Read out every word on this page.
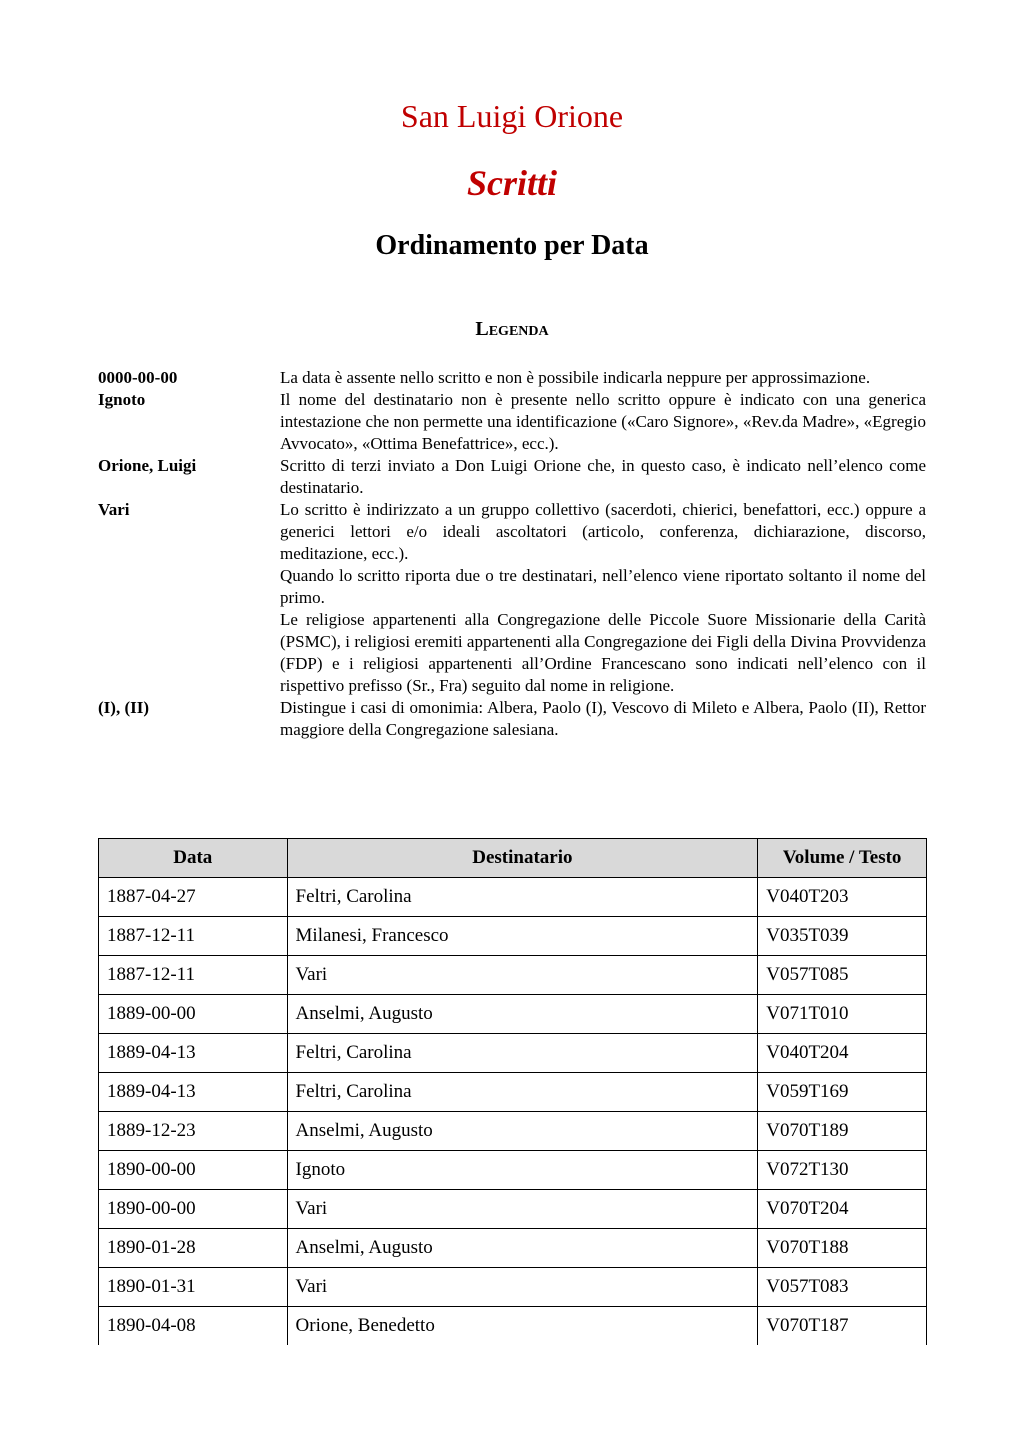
San Luigi Orione
Scritti
Ordinamento per Data
Legenda
0000-00-00	La data è assente nello scritto e non è possibile indicarla neppure per approssimazione.

Ignoto	Il nome del destinatario non è presente nello scritto oppure è indicato con una generica intestazione che non permette una identificazione («Caro Signore», «Rev.da Madre», «Egregio Avvocato», «Ottima Benefattrice», ecc.).

Orione, Luigi	Scritto di terzi inviato a Don Luigi Orione che, in questo caso, è indicato nell’elenco come destinatario.

Vari	Lo scritto è indirizzato a un gruppo collettivo (sacerdoti, chierici, benefattori, ecc.) oppure a generici lettori e/o ideali ascoltatori (articolo, conferenza, dichiarazione, discorso, meditazione, ecc.).

Quando lo scritto riporta due o tre destinatari, nell’elenco viene riportato soltanto il nome del primo.

Le religiose appartenenti alla Congregazione delle Piccole Suore Missionarie della Carità (PSMC), i religiosi eremiti appartenenti alla Congregazione dei Figli della Divina Provvidenza (FDP) e i religiosi appartenenti all’Ordine Francescano sono indicati nell’elenco con il rispettivo prefisso (Sr., Fra) seguito dal nome in religione.

(I), (II)	Distingue i casi di omonimia: Albera, Paolo (I), Vescovo di Mileto e Albera, Paolo (II), Rettor maggiore della Congregazione salesiana.

Data	Destinatario	Volume / Testo
1887-04-27	Feltri, Carolina	V040T203
1887-12-11	Milanesi, Francesco	V035T039
1887-12-11	Vari	V057T085
1889-00-00	Anselmi, Augusto	V071T010
1889-04-13	Feltri, Carolina	V040T204
1889-04-13	Feltri, Carolina	V059T169
1889-12-23	Anselmi, Augusto	V070T189
1890-00-00	Ignoto	V072T130
1890-00-00	Vari	V070T204
1890-01-28	Anselmi, Augusto	V070T188
1890-01-31	Vari	V057T083
1890-04-08	Orione, Benedetto	V070T187
